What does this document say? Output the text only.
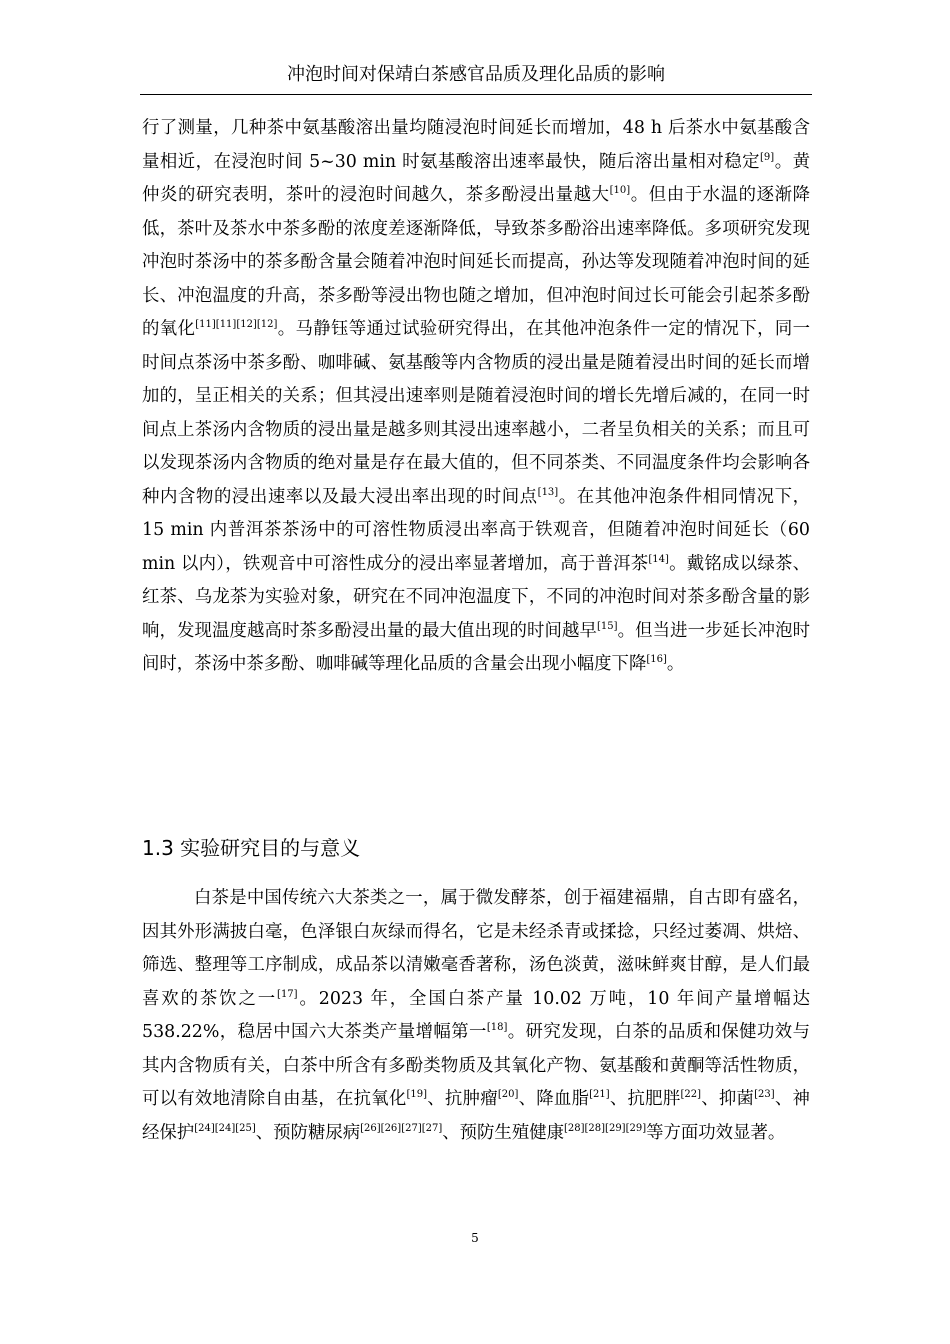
冲泡时间对保靖白茶感官品质及理化品质的影响

行了测量，几种茶中氨基酸溶出量均随浸泡时间延长而增加，48 h 后茶水中氨基酸含量相近，在浸泡时间 5~30 min 时氨基酸溶出速率最快，随后溶出量相对稳定[9]。黄仲炎的研究表明，茶叶的浸泡时间越久，茶多酚浸出量越大[10]。但由于水温的逐渐降低，茶叶及茶水中茶多酚的浓度差逐渐降低，导致茶多酚浴出速率降低。多项研究发现冲泡时茶汤中的茶多酚含量会随着冲泡时间延长而提高，孙达等发现随着冲泡时间的延长、冲泡温度的升高，茶多酚等浸出物也随之增加，但冲泡时间过长可能会引起茶多酚的氧化[11][11][12][12]。马静钰等通过试验研究得出，在其他冲泡条件一定的情况下，同一时间点茶汤中茶多酚、咖啡碱、氨基酸等内含物质的浸出量是随着浸出时间的延长而增加的，呈正相关的关系；但其浸出速率则是随着浸泡时间的增长先增后减的，在同一时间点上茶汤内含物质的浸出量是越多则其浸出速率越小，二者呈负相关的关系；而且可以发现茶汤内含物质的绝对量是存在最大值的，但不同茶类、不同温度条件均会影响各种内含物的浸出速率以及最大浸出率出现的时间点[13]。在其他冲泡条件相同情况下，15 min 内普洱茶茶汤中的可溶性物质浸出率高于铁观音，但随着冲泡时间延长（60 min 以内），铁观音中可溶性成分的浸出率显著增加，高于普洱茶[14]。戴铭成以绿茶、红茶、乌龙茶为实验对象，研究在不同冲泡温度下，不同的冲泡时间对茶多酚含量的影响，发现温度越高时茶多酚浸出量的最大值出现的时间越早[15]。但当进一步延长冲泡时间时，茶汤中茶多酚、咖啡碱等理化品质的含量会出现小幅度下降[16]。

1.3 实验研究目的与意义

白茶是中国传统六大茶类之一，属于微发酵茶，创于福建福鼎，自古即有盛名，因其外形满披白毫，色泽银白灰绿而得名，它是未经杀青或揉捻，只经过萎凋、烘焙、筛选、整理等工序制成，成品茶以清嫩毫香著称，汤色淡黄，滋味鲜爽甘醇，是人们最喜欢的茶饮之一[17]。2023 年，全国白茶产量 10.02 万吨，10 年间产量增幅达 538.22%，稳居中国六大茶类产量增幅第一[18]。研究发现，白茶的品质和保健功效与其内含物质有关，白茶中所含有多酚类物质及其氧化产物、氨基酸和黄酮等活性物质，可以有效地清除自由基，在抗氧化[19]、抗肿瘤[20]、降血脂[21]、抗肥胖[22]、抑菌[23]、神经保护[24][24][25]、预防糖尿病[26][26][27][27]、预防生殖健康[28][28][29][29]等方面功效显著。

5
